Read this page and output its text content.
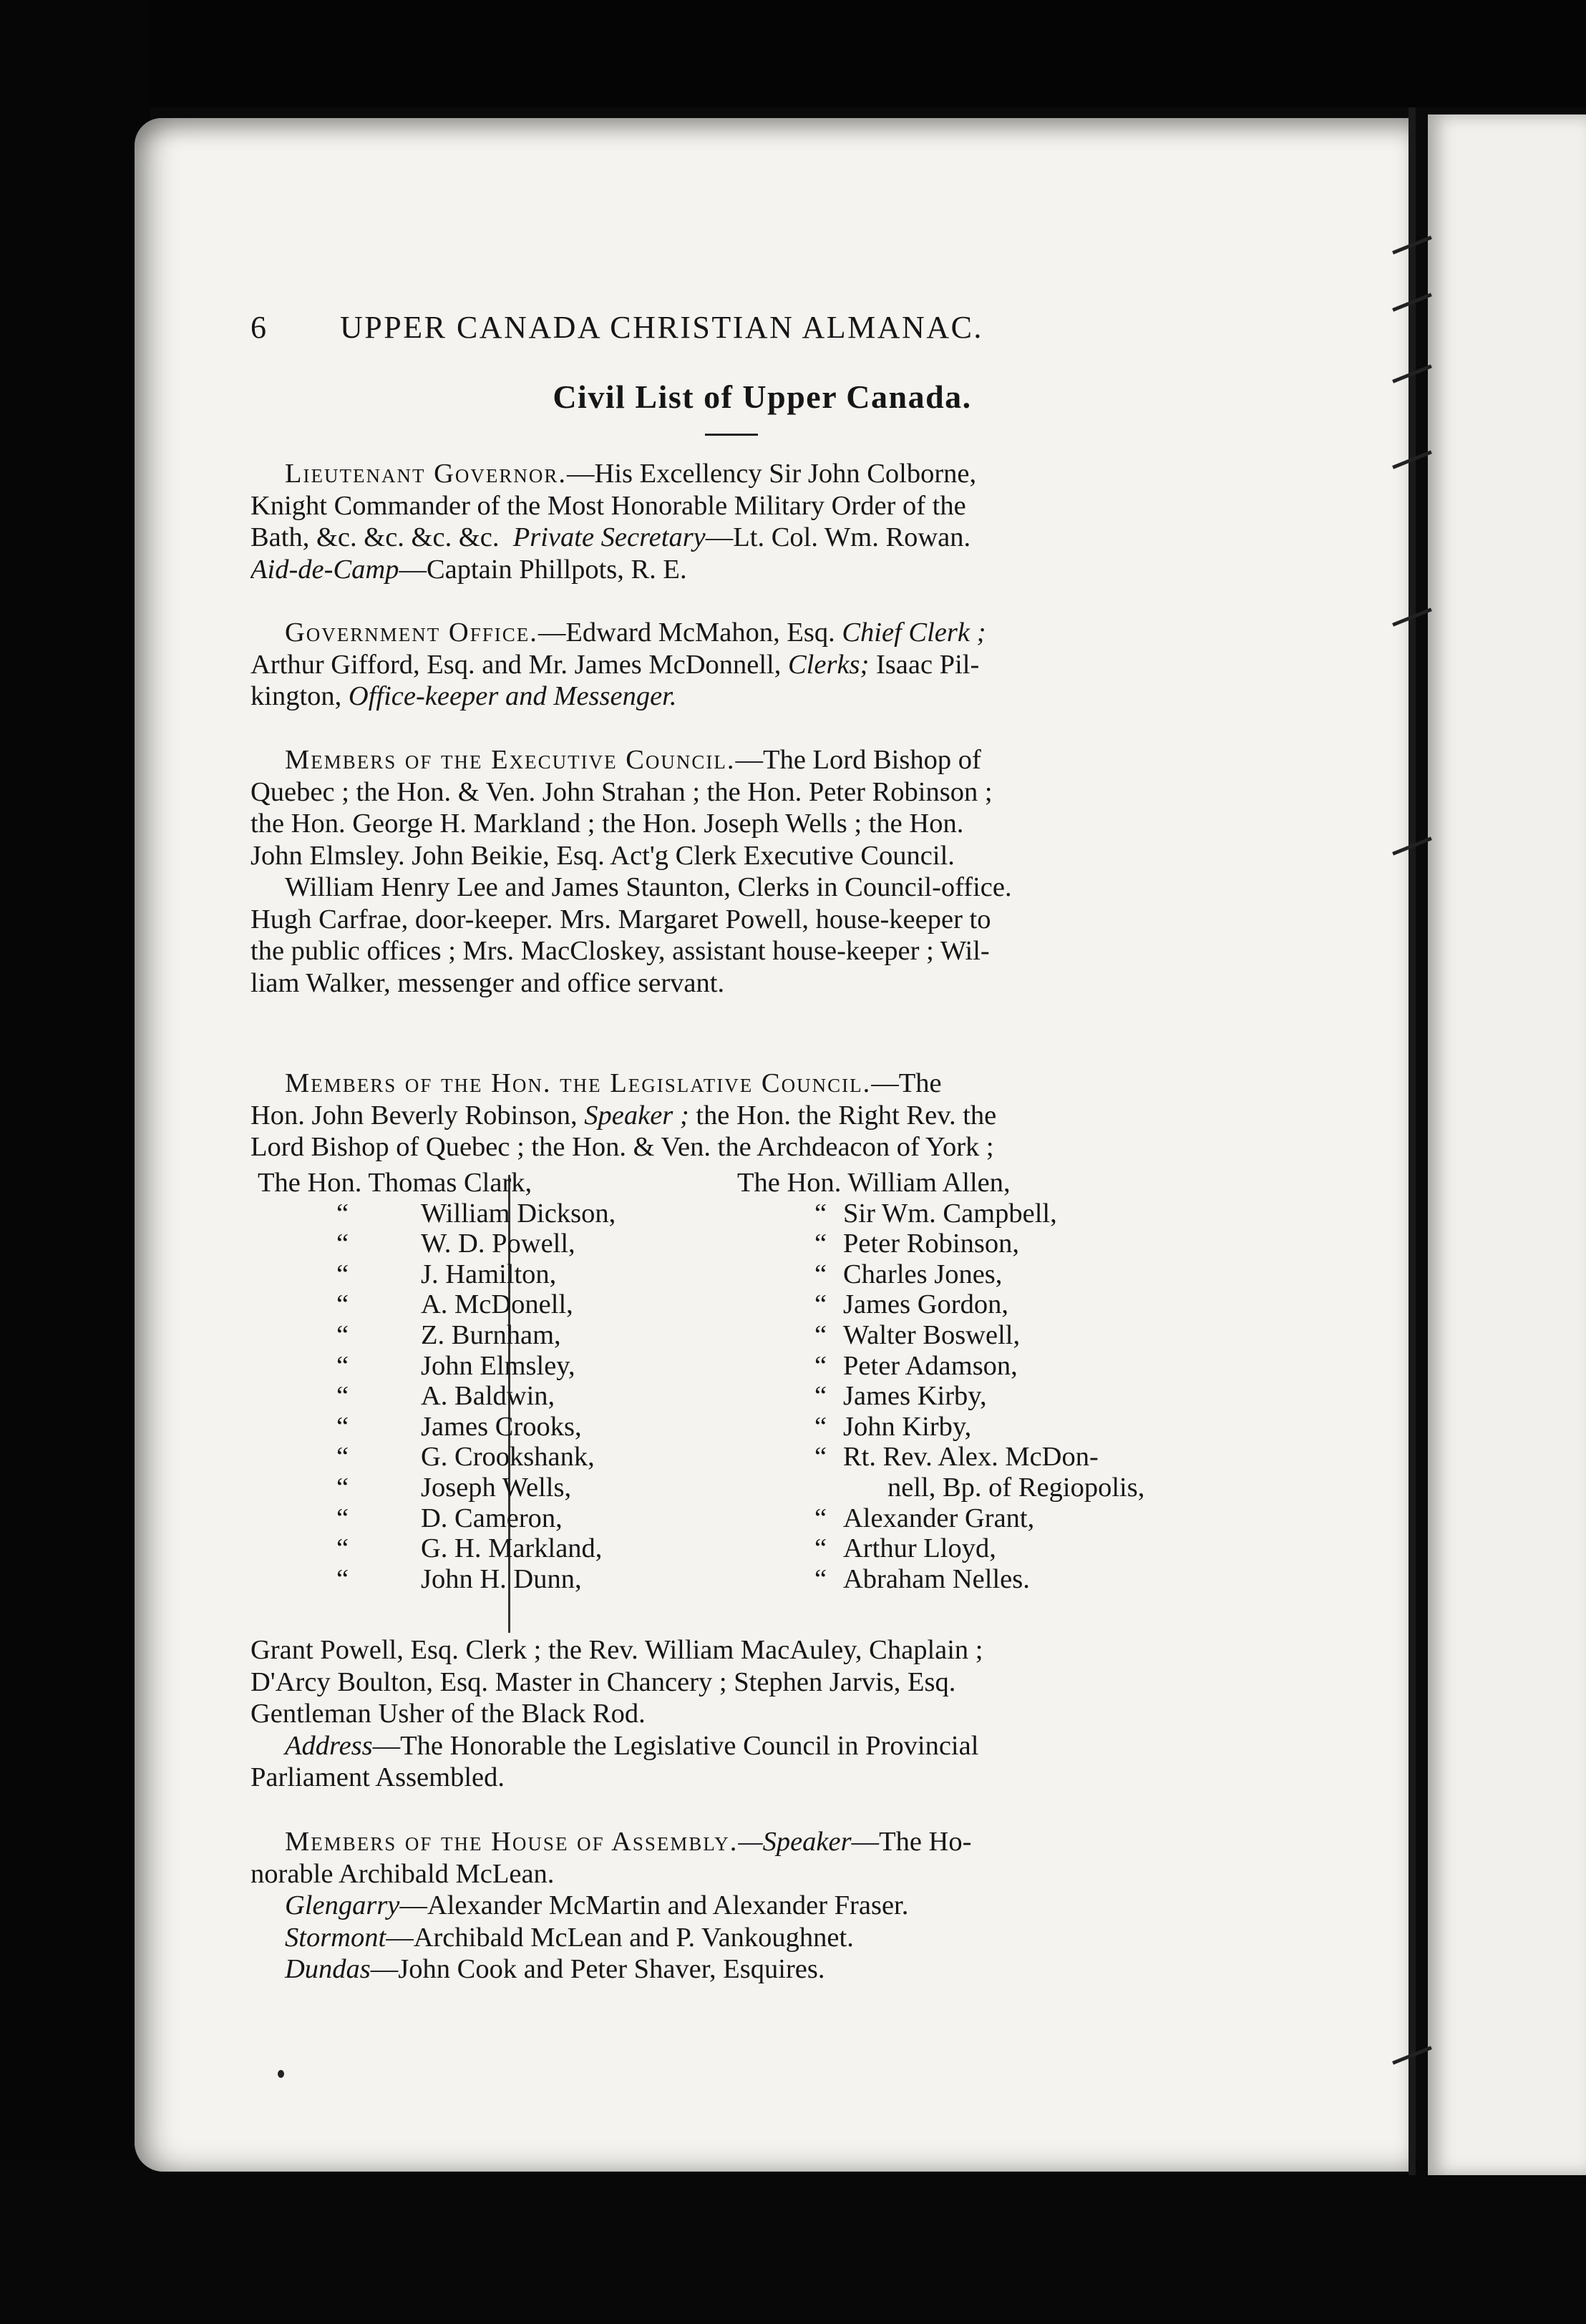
6 UPPER CANADA CHRISTIAN ALMANAC.
Civil List of Upper Canada.
Lieutenant Governor.—His Excellency Sir John Colborne,
Knight Commander of the Most Honorable Military Order of the
Bath, &c. &c. &c. &c. Private Secretary—Lt. Col. Wm. Rowan.
Aid-de-Camp—Captain Phillpots, R. E.
Government Office.—Edward McMahon, Esq. Chief Clerk ;
Arthur Gifford, Esq. and Mr. James McDonnell, Clerks; Isaac Pil-
kington, Office-keeper and Messenger.
Members of the Executive Council.—The Lord Bishop of
Quebec ; the Hon. & Ven. John Strahan ; the Hon. Peter Robinson ;
the Hon. George H. Markland ; the Hon. Joseph Wells ; the Hon.
John Elmsley. John Beikie, Esq. Act'g Clerk Executive Council.
William Henry Lee and James Staunton, Clerks in Council-office.
Hugh Carfrae, door-keeper. Mrs. Margaret Powell, house-keeper to
the public offices ; Mrs. MacCloskey, assistant house-keeper ; Wil-
liam Walker, messenger and office servant.
Members of the Hon. the Legislative Council.—The
Hon. John Beverly Robinson, Speaker ; the Hon. the Right Rev. the
Lord Bishop of Quebec ; the Hon. & Ven. the Archdeacon of York ;
The Hon. Thomas Clark,
“	William Dickson,
“	W. D. Powell,
“	J. Hamilton,
“	A. McDonell,
“	Z. Burnham,
“	John Elmsley,
“	A. Baldwin,
“	James Crooks,
“	G. Crookshank,
“	Joseph Wells,
“	D. Cameron,
“	G. H. Markland,
“	John H. Dunn,
The Hon. William Allen,
“ Sir Wm. Campbell,
“ Peter Robinson,
“ Charles Jones,
“ James Gordon,
“ Walter Boswell,
“ Peter Adamson,
“ James Kirby,
“ John Kirby,
“ Rt. Rev. Alex. McDon-
nell, Bp. of Regiopolis,
“ Alexander Grant,
“ Arthur Lloyd,
“ Abraham Nelles.
Grant Powell, Esq. Clerk ; the Rev. William MacAuley, Chaplain ;
D'Arcy Boulton, Esq. Master in Chancery ; Stephen Jarvis, Esq.
Gentleman Usher of the Black Rod.
Address—The Honorable the Legislative Council in Provincial
Parliament Assembled.
Members of the House of Assembly.—Speaker—The Ho-
norable Archibald McLean.
Glengarry—Alexander McMartin and Alexander Fraser.
Stormont—Archibald McLean and P. Vankoughnet.
Dundas—John Cook and Peter Shaver, Esquires.
